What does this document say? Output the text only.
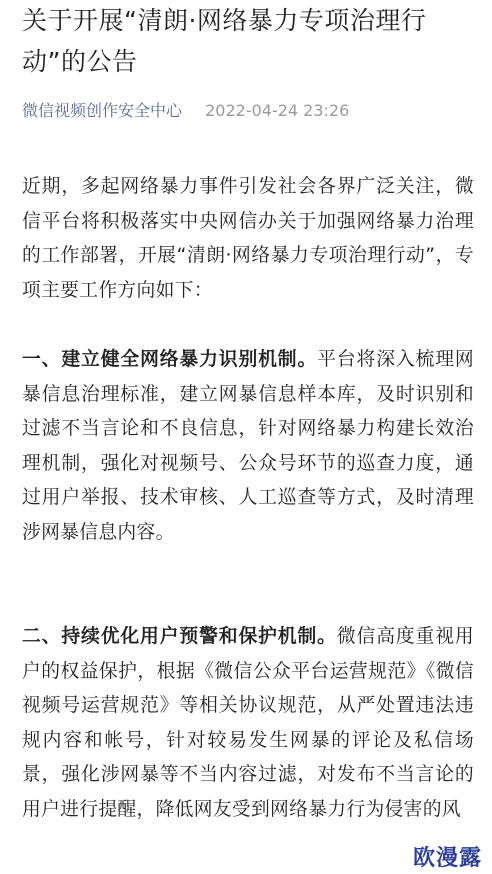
关于开展“清朗·网络暴力专项治理行动”的公告
微信视频创作安全中心 2022-04-24 23:26

近期，多起网络暴力事件引发社会各界广泛关注，微信平台将积极落实中央网信办关于加强网络暴力治理的工作部署，开展“清朗·网络暴力专项治理行动”，专项主要工作方向如下：

一、建立健全网络暴力识别机制。平台将深入梳理网暴信息治理标准，建立网暴信息样本库，及时识别和过滤不当言论和不良信息，针对网络暴力构建长效治理机制，强化对视频号、公众号环节的巡查力度，通过用户举报、技术审核、人工巡查等方式，及时清理涉网暴信息内容。

二、持续优化用户预警和保护机制。微信高度重视用户的权益保护，根据《微信公众平台运营规范》《微信视频号运营规范》等相关协议规范，从严处置违法违规内容和帐号，针对较易发生网暴的评论及私信场景，强化涉网暴等不当内容过滤，对发布不当言论的用户进行提醒，降低网友受到网络暴力行为侵害的风

欧漫露
